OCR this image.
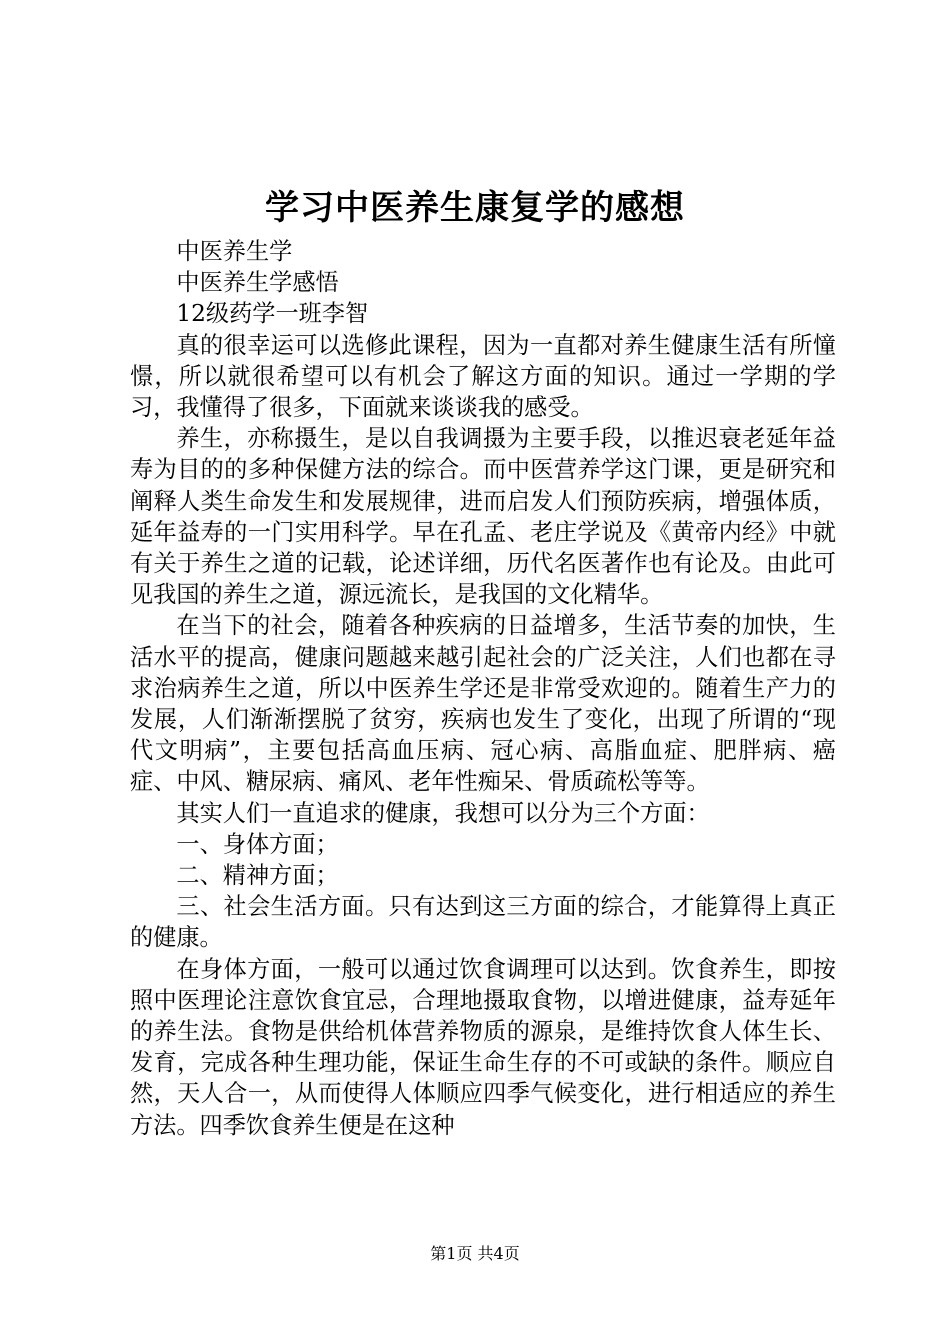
学习中医养生康复学的感想

中医养生学

中医养生学感悟

12级药学一班李智

真的很幸运可以选修此课程，因为一直都对养生健康生活有所憧憬，所以就很希望可以有机会了解这方面的知识。通过一学期的学习，我懂得了很多，下面就来谈谈我的感受。

养生，亦称摄生，是以自我调摄为主要手段，以推迟衰老延年益寿为目的的多种保健方法的综合。而中医营养学这门课，更是研究和阐释人类生命发生和发展规律，进而启发人们预防疾病，增强体质，延年益寿的一门实用科学。早在孔孟、老庄学说及《黄帝内经》中就有关于养生之道的记载，论述详细，历代名医著作也有论及。由此可见我国的养生之道，源远流长，是我国的文化精华。

在当下的社会，随着各种疾病的日益增多，生活节奏的加快，生活水平的提高，健康问题越来越引起社会的广泛关注，人们也都在寻求治病养生之道，所以中医养生学还是非常受欢迎的。随着生产力的发展，人们渐渐摆脱了贫穷，疾病也发生了变化，出现了所谓的“现代文明病”，主要包括高血压病、冠心病、高脂血症、肥胖病、癌症、中风、糖尿病、痛风、老年性痴呆、骨质疏松等等。

其实人们一直追求的健康，我想可以分为三个方面：

一、身体方面；

二、精神方面；

三、社会生活方面。只有达到这三方面的综合，才能算得上真正的健康。

在身体方面，一般可以通过饮食调理可以达到。饮食养生，即按照中医理论注意饮食宜忌，合理地摄取食物，以增进健康，益寿延年的养生法。食物是供给机体营养物质的源泉，是维持饮食人体生长、发育，完成各种生理功能，保证生命生存的不可或缺的条件。顺应自然，天人合一，从而使得人体顺应四季气候变化，进行相适应的养生方法。四季饮食养生便是在这种

第1页 共4页
